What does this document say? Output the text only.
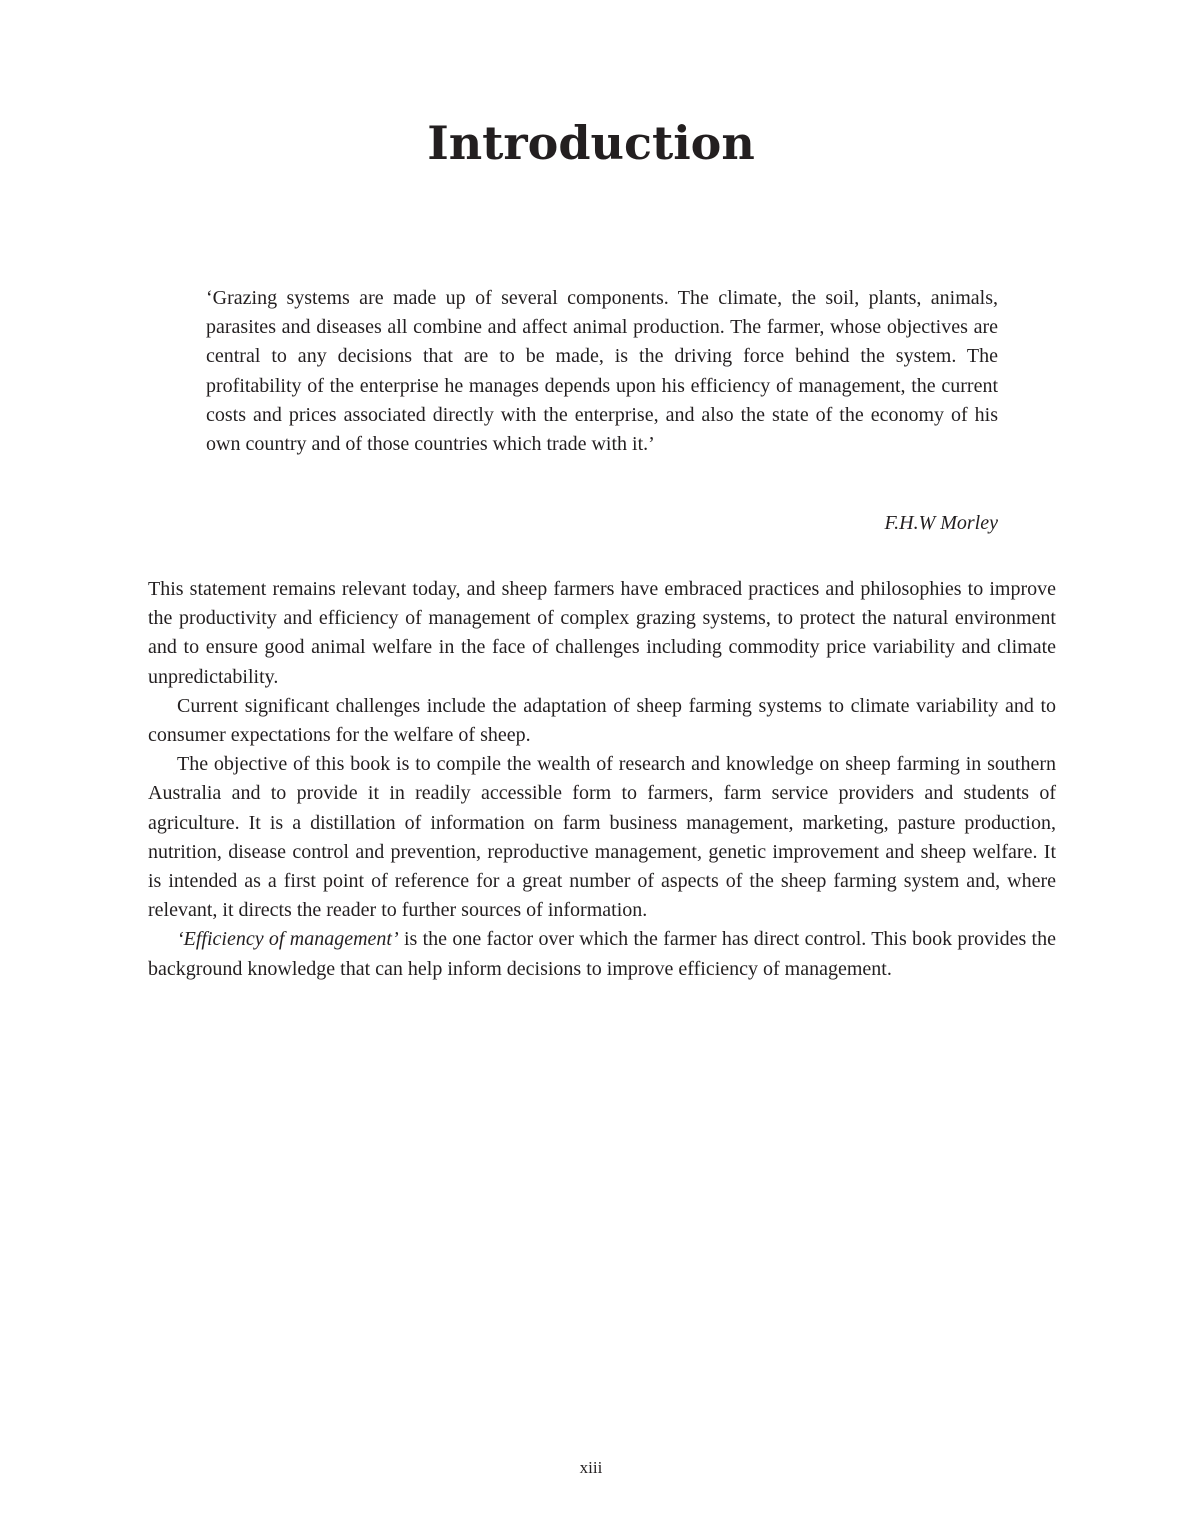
Introduction

‘Grazing systems are made up of several components. The climate, the soil, plants, animals, parasites and diseases all combine and affect animal production. The farmer, whose objectives are central to any decisions that are to be made, is the driving force behind the system. The profitability of the enterprise he manages depends upon his efficiency of management, the current costs and prices associated directly with the enterprise, and also the state of the economy of his own country and of those countries which trade with it.’

F.H.W Morley

This statement remains relevant today, and sheep farmers have embraced practices and philosophies to improve the productivity and efficiency of management of complex grazing systems, to protect the natural environment and to ensure good animal welfare in the face of challenges including commodity price variability and climate unpredictability.

Current significant challenges include the adaptation of sheep farming systems to climate variability and to consumer expectations for the welfare of sheep.

The objective of this book is to compile the wealth of research and knowledge on sheep farming in southern Australia and to provide it in readily accessible form to farmers, farm service providers and students of agriculture. It is a distillation of information on farm business management, marketing, pasture production, nutrition, disease control and prevention, reproductive management, genetic improvement and sheep welfare. It is intended as a first point of reference for a great number of aspects of the sheep farming system and, where relevant, it directs the reader to further sources of information.

‘Efficiency of management’ is the one factor over which the farmer has direct control. This book provides the background knowledge that can help inform decisions to improve efficiency of management.

xiii
